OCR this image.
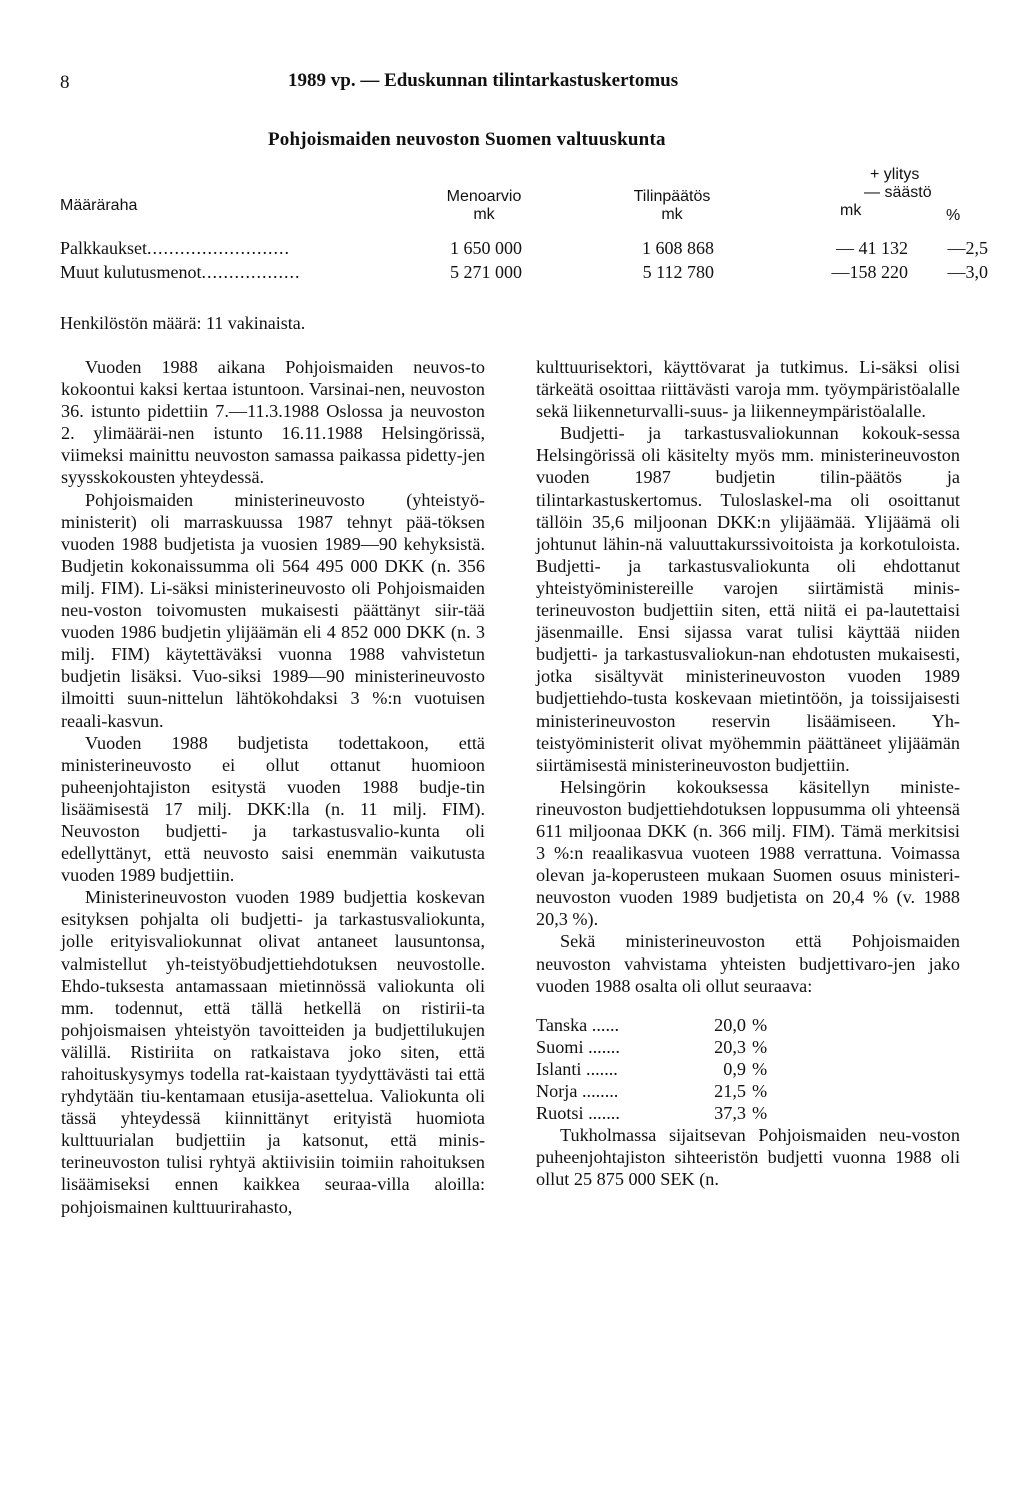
8	1989 vp. — Eduskunnan tilintarkastuskertomus
Pohjoismaiden neuvoston Suomen valtuuskunta
Määräraha
Menoarvio
mk
Tilinpäätös
mk
+ ylitys
— säästö
mk	%
Palkkaukset..........................	1 650 000	1 608 868	— 41 132	—2,5
Muut kulutusmenot..................	5 271 000	5 112 780	—158 220	—3,0
Henkilöstön määrä: 11 vakinaista.

Vuoden 1988 aikana Pohjoismaiden neuvos-to kokoontui kaksi kertaa istuntoon. Varsinai-nen, neuvoston 36. istunto pidettiin 7.—11.3.1988 Oslossa ja neuvoston 2. ylimääräi-nen istunto 16.11.1988 Helsingörissä, viimeksi mainittu neuvoston samassa paikassa pidetty-jen syysskokousten yhteydessä.

Pohjoismaiden ministerineuvosto (yhteistyö-ministerit) oli marraskuussa 1987 tehnyt pää-töksen vuoden 1988 budjetista ja vuosien 1989—90 kehyksistä. Budjetin kokonaissumma oli 564 495 000 DKK (n. 356 milj. FIM). Li-säksi ministerineuvosto oli Pohjoismaiden neu-voston toivomusten mukaisesti päättänyt siir-tää vuoden 1986 budjetin ylijäämän eli 4 852 000 DKK (n. 3 milj. FIM) käytettäväksi vuonna 1988 vahvistetun budjetin lisäksi. Vuo-siksi 1989—90 ministerineuvosto ilmoitti suun-nittelun lähtökohdaksi 3 %:n vuotuisen reaali-kasvun.

Vuoden 1988 budjetista todettakoon, että ministerineuvosto ei ollut ottanut huomioon puheenjohtajiston esitystä vuoden 1988 budje-tin lisäämisestä 17 milj. DKK:lla (n. 11 milj. FIM). Neuvoston budjetti- ja tarkastusvalio-kunta oli edellyttänyt, että neuvosto saisi enemmän vaikutusta vuoden 1989 budjettiin.

Ministerineuvoston vuoden 1989 budjettia koskevan esityksen pohjalta oli budjetti- ja tarkastusvaliokunta, jolle erityisvaliokunnat olivat antaneet lausuntonsa, valmistellut yh-teistyöbudjettiehdotuksen neuvostolle. Ehdo-tuksesta antamassaan mietinnössä valiokunta oli mm. todennut, että tällä hetkellä on ristirii-ta pohjoismaisen yhteistyön tavoitteiden ja budjettilukujen välillä. Ristiriita on ratkaistava joko siten, että rahoituskysymys todella rat-kaistaan tyydyttävästi tai että ryhdytään tiu-kentamaan etusija-asettelua. Valiokunta oli tässä yhteydessä kiinnittänyt erityistä huomiota kulttuurialan budjettiin ja katsonut, että minis-terineuvoston tulisi ryhtyä aktiivisiin toimiin rahoituksen lisäämiseksi ennen kaikkea seuraa-villa aloilla: pohjoismainen kulttuurirahasto,

kulttuurisektori, käyttövarat ja tutkimus. Li-säksi olisi tärkeätä osoittaa riittävästi varoja mm. työympäristöalalle sekä liikenneturvalli-suus- ja liikenneympäristöalalle.

Budjetti- ja tarkastusvaliokunnan kokouk-sessa Helsingörissä oli käsitelty myös mm. ministerineuvoston vuoden 1987 budjetin tilin-päätös ja tilintarkastuskertomus. Tuloslaskel-ma oli osoittanut tällöin 35,6 miljoonan DKK:n ylijäämää. Ylijäämä oli johtunut lähin-nä valuuttakurssivoitoista ja korkotuloista. Budjetti- ja tarkastusvaliokunta oli ehdottanut yhteistyöministereille varojen siirtämistä minis-terineuvoston budjettiin siten, että niitä ei pa-lautettaisi jäsenmaille. Ensi sijassa varat tulisi käyttää niiden budjetti- ja tarkastusvaliokun-nan ehdotusten mukaisesti, jotka sisältyvät ministerineuvoston vuoden 1989 budjettiehdo-tusta koskevaan mietintöön, ja toissijaisesti ministerineuvoston reservin lisäämiseen. Yh-teistyöministerit olivat myöhemmin päättäneet ylijäämän siirtämisestä ministerineuvoston budjettiin.

Helsingörin kokouksessa käsitellyn ministe-rineuvoston budjettiehdotuksen loppusumma oli yhteensä 611 miljoonaa DKK (n. 366 milj. FIM). Tämä merkitsisi 3 %:n reaalikasvua vuoteen 1988 verrattuna. Voimassa olevan ja-koperusteen mukaan Suomen osuus ministeri-neuvoston vuoden 1989 budjetista on 20,4 % (v. 1988 20,3 %).

Sekä ministerineuvoston että Pohjoismaiden neuvoston vahvistama yhteisten budjettivaro-jen jako vuoden 1988 osalta oli ollut seuraava:

Tanska ......	20,0	%
Suomi .......	20,3	%
Islanti .......	0,9	%
Norja ........	21,5	%
Ruotsi .......	37,3	%

Tukholmassa sijaitsevan Pohjoismaiden neu-voston puheenjohtajiston sihteeristön budjetti vuonna 1988 oli ollut 25 875 000 SEK (n.
